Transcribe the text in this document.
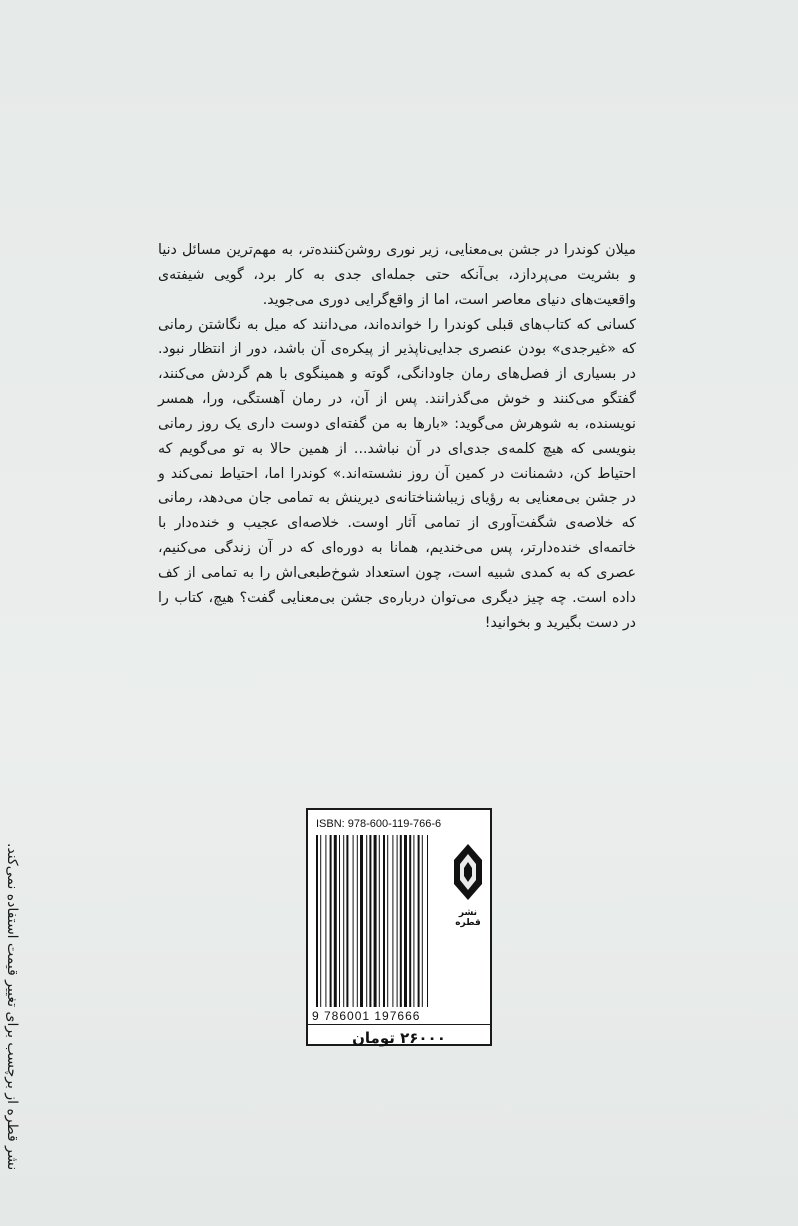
میلان کوندرا در جشن بی‌معنایی، زیر نوری روشن‌کننده‌تر، به مهم‌ترین مسائل دنیا و بشریت می‌پردازد، بی‌آنکه حتی جمله‌ای جدی به کار برد، گویی شیفته‌ی واقعیت‌های دنیای معاصر است، اما از واقع‌گرایی دوری می‌جوید.

کسانی که کتاب‌های قبلی کوندرا را خوانده‌اند، می‌دانند که میل به نگاشتن رمانی که «غیرجدی» بودن عنصری جدایی‌ناپذیر از پیکره‌ی آن باشد، دور از انتظار نبود. در بسیاری از فصل‌های رمان جاودانگی، گوته و همینگوی با هم گردش می‌کنند، گفتگو می‌کنند و خوش می‌گذرانند. پس از آن، در رمان آهستگی، ورا، همسر نویسنده، به شوهرش می‌گوید: «بارها به من گفته‌ای دوست داری یک روز رمانی بنویسی که هیچ کلمه‌ی جدی‌ای در آن نباشد... از همین حالا به تو می‌گویم که احتیاط کن، دشمنانت در کمین آن روز نشسته‌اند.» کوندرا اما، احتیاط نمی‌کند و در جشن بی‌معنایی به رؤیای زیباشناختانه‌ی دیرینش به تمامی جان می‌دهد، رمانی که خلاصه‌ی شگفت‌آوری از تمامی آثار اوست. خلاصه‌ای عجیب و خنده‌دار با خاتمه‌ای خنده‌دارتر، پس می‌خندیم، همانا به دوره‌ای که در آن زندگی می‌کنیم، عصری که به کمدی شبیه است، چون استعداد شوخ‌طبعی‌اش را به تمامی از کف داده است. چه چیز دیگری می‌توان درباره‌ی جشن بی‌معنایی گفت؟ هیچ، کتاب را در دست بگیرید و بخوانید!

نشر قطره از برچسب برای تغییر قیمت استفاده نمی‌کند.
ISBN: 978-600-119-766-6
9 786001 197666
نشر قطره
۲۶۰۰۰ تومان
